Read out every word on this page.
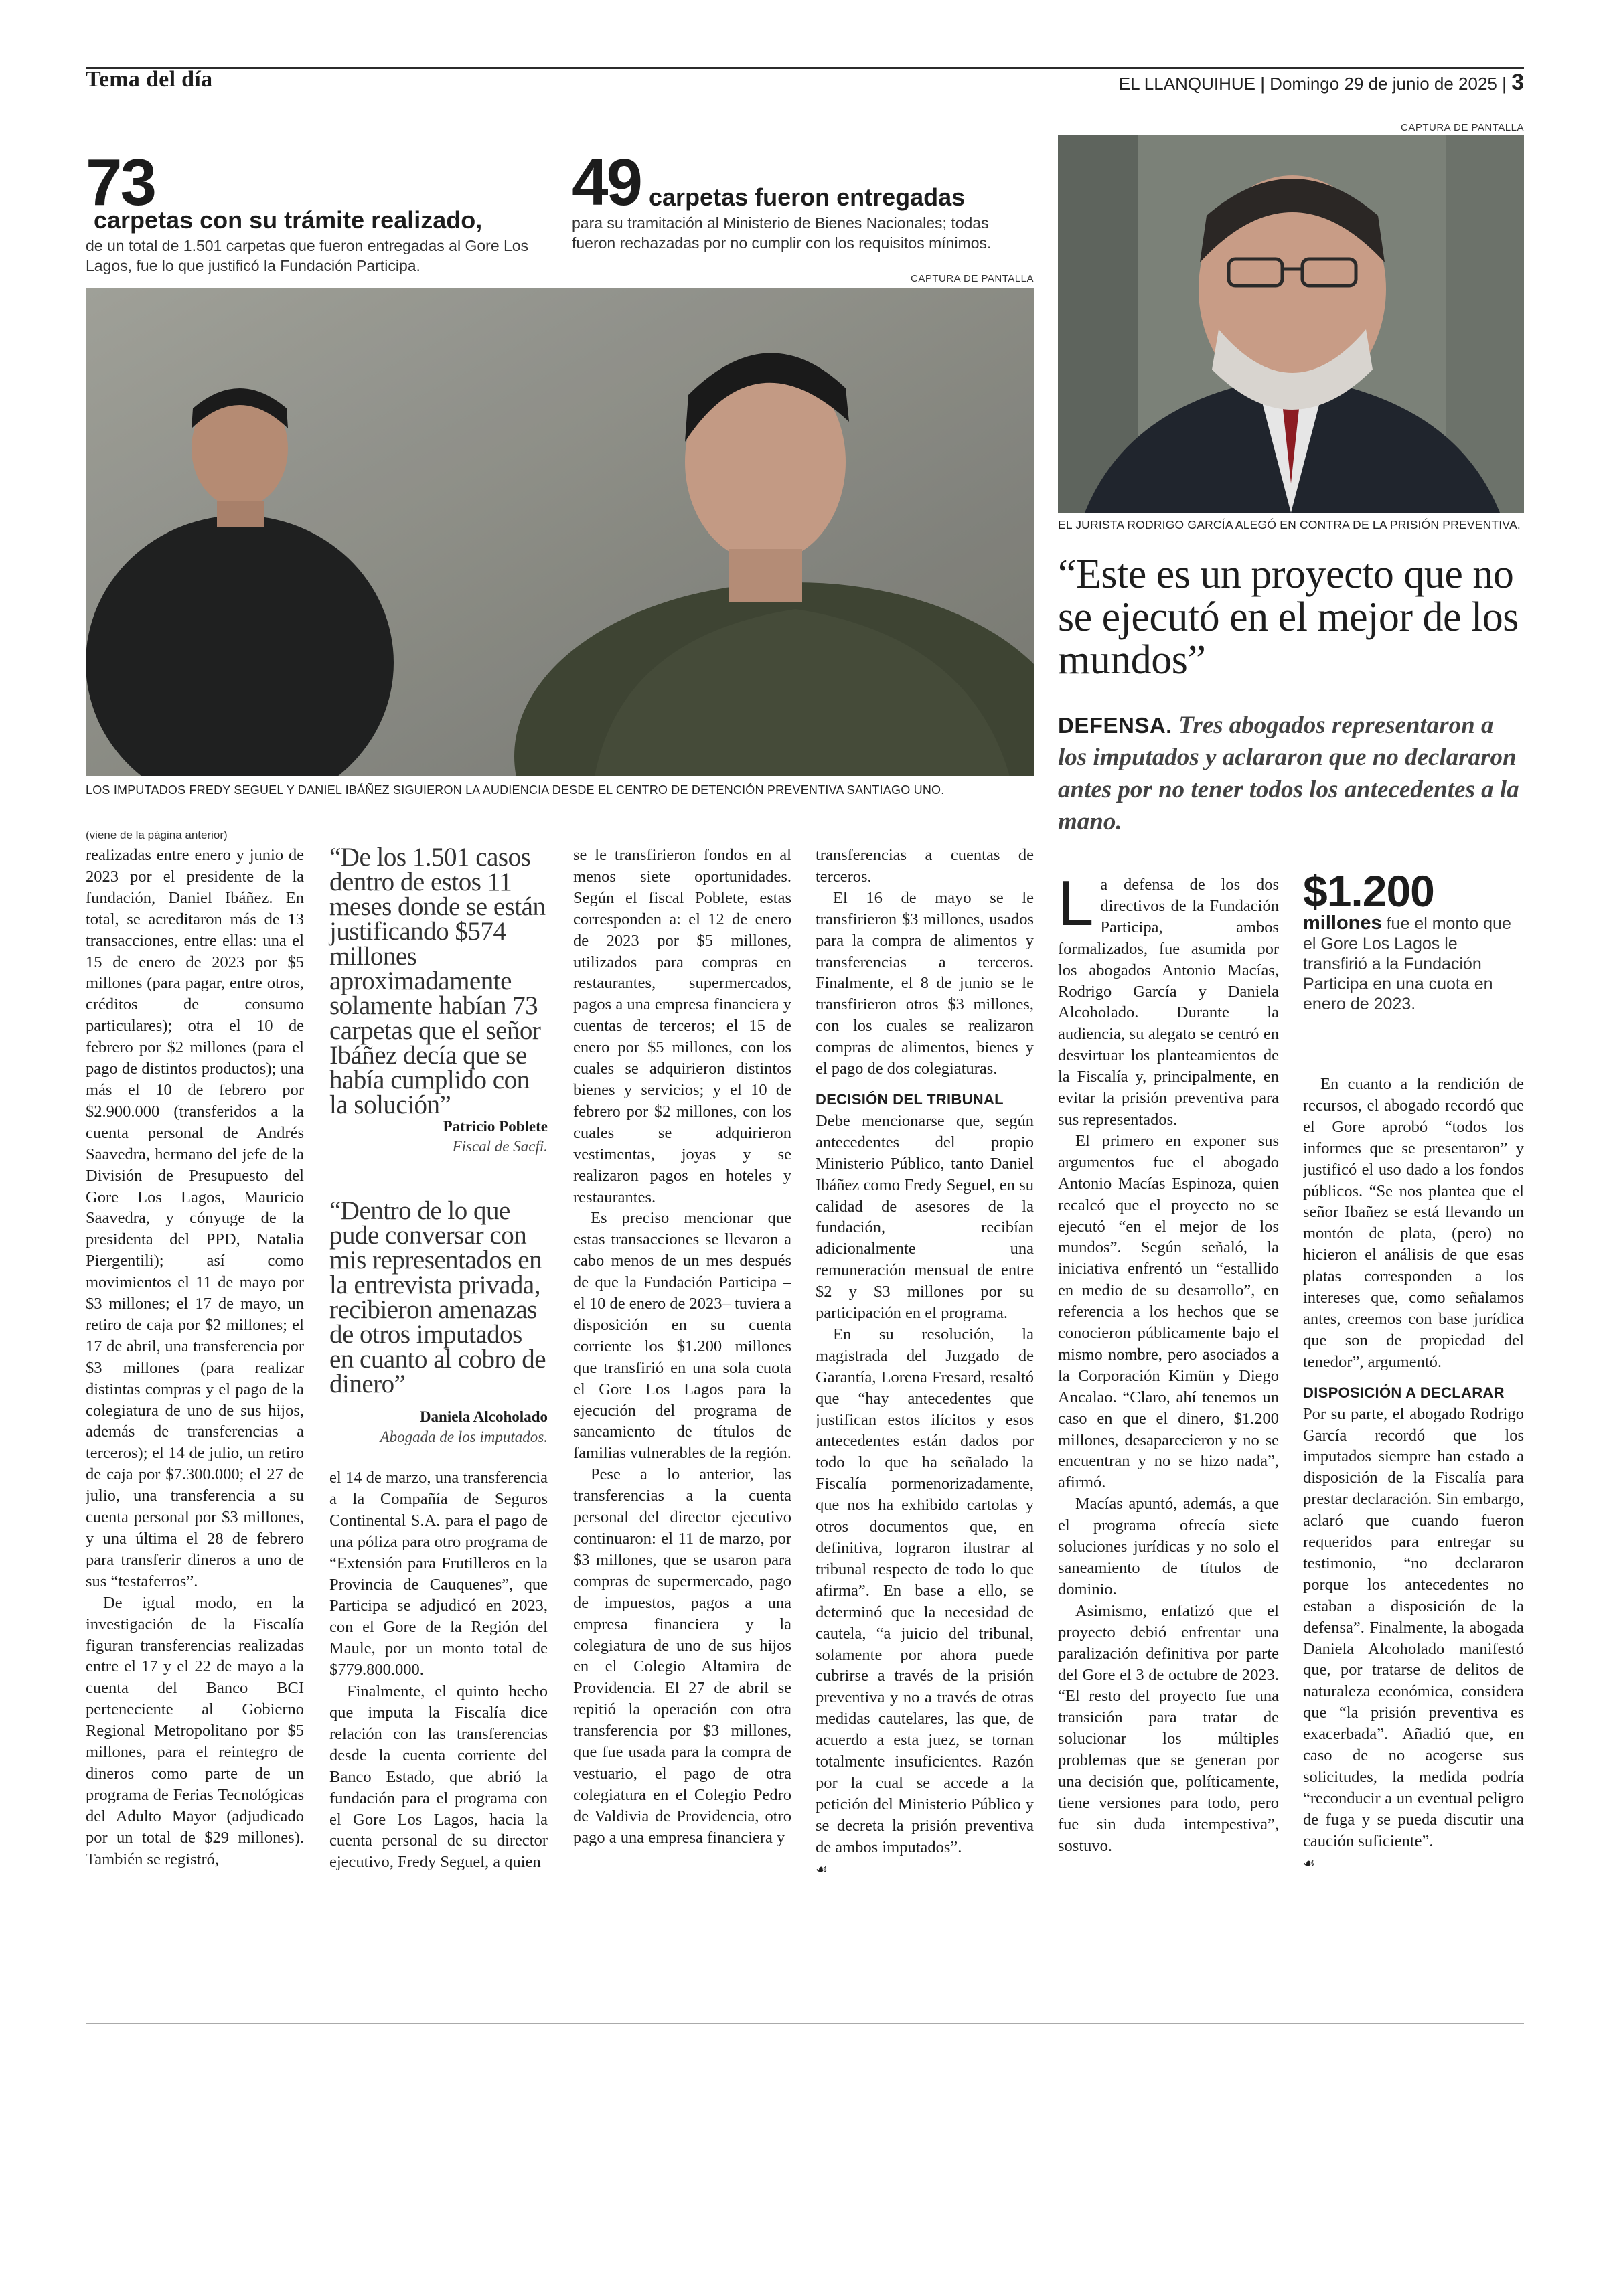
Tema del día	EL LLANQUIHUE | Domingo 29 de junio de 2025 | 3
73carpetas con su trámite realizado,
de un total de 1.501 carpetas que fueron entregadas al Gore Los Lagos, fue lo que justificó la Fundación Participa.
49 carpetas fueron entregadas
para su tramitación al Ministerio de Bienes Nacionales; todas fueron rechazadas por no cumplir con los requisitos mínimos.
CAPTURA DE PANTALLA
LOS IMPUTADOS FREDY SEGUEL Y DANIEL IBÁÑEZ SIGUIERON LA AUDIENCIA DESDE EL CENTRO DE DETENCIÓN PREVENTIVA SANTIAGO UNO.
CAPTURA DE PANTALLA
EL JURISTA RODRIGO GARCÍA ALEGÓ EN CONTRA DE LA PRISIÓN PREVENTIVA.
“Este es un proyecto que no se ejecutó en el mejor de los mundos”
DEFENSA. Tres abogados representaron a los imputados y aclararon que no declararon antes por no tener todos los antecedentes a la mano.
(viene de la página anterior)

realizadas entre enero y junio de 2023 por el presidente de la fundación, Daniel Ibáñez. En total, se acreditaron más de 13 transacciones, entre ellas: una el 15 de enero de 2023 por $5 millones (para pagar, entre otros, créditos de consumo particulares); otra el 10 de febrero por $2 millones (para el pago de distintos productos); una más el 10 de febrero por $2.900.000 (transferidos a la cuenta personal de Andrés Saavedra, hermano del jefe de la División de Presupuesto del Gore Los Lagos, Mauricio Saavedra, y cónyuge de la presidenta del PPD, Natalia Piergentili); así como movimientos el 11 de mayo por $3 millones; el 17 de mayo, un retiro de caja por $2 millones; el 17 de abril, una transferencia por $3 millones (para realizar distintas compras y el pago de la colegiatura de uno de sus hijos, además de transferencias a terceros); el 14 de julio, un retiro de caja por $7.300.000; el 27 de julio, una transferencia a su cuenta personal por $3 millones, y una última el 28 de febrero para transferir dineros a uno de sus “testaferros”.

De igual modo, en la investigación de la Fiscalía figuran transferencias realizadas entre el 17 y el 22 de mayo a la cuenta del Banco BCI perteneciente al Gobierno Regional Metropolitano por $5 millones, para el reintegro de dineros como parte de un programa de Ferias Tecnológicas del Adulto Mayor (adjudicado por un total de $29 millones). También se registró,

“De los 1.501 casos dentro de estos 11 meses donde se están justificando $574 millones aproximadamente solamente habían 73 carpetas que el señor Ibáñez decía que se había cumplido con la solución”
Patricio Poblete
Fiscal de Sacfi.
“Dentro de lo que pude conversar con mis representados en la entrevista privada, recibieron amenazas de otros imputados en cuanto al cobro de dinero”
Daniela Alcoholado
Abogada de los imputados.

el 14 de marzo, una transferencia a la Compañía de Seguros Continental S.A. para el pago de una póliza para otro programa de “Extensión para Frutilleros en la Provincia de Cauquenes”, que Participa se adjudicó en 2023, con el Gore de la Región del Maule, por un monto total de $779.800.000.

Finalmente, el quinto hecho que imputa la Fiscalía dice relación con las transferencias desde la cuenta corriente del Banco Estado, que abrió la fundación para el programa con el Gore Los Lagos, hacia la cuenta personal de su director ejecutivo, Fredy Seguel, a quien

se le transfirieron fondos en al menos siete oportunidades. Según el fiscal Poblete, estas corresponden a: el 12 de enero de 2023 por $5 millones, utilizados para compras en restaurantes, supermercados, pagos a una empresa financiera y cuentas de terceros; el 15 de enero por $5 millones, con los cuales se adquirieron distintos bienes y servicios; y el 10 de febrero por $2 millones, con los cuales se adquirieron vestimentas, joyas y se realizaron pagos en hoteles y restaurantes.

Es preciso mencionar que estas transacciones se llevaron a cabo menos de un mes después de que la Fundación Participa –el 10 de enero de 2023– tuviera a disposición en su cuenta corriente los $1.200 millones que transfirió en una sola cuota el Gore Los Lagos para la ejecución del programa de saneamiento de títulos de familias vulnerables de la región.

Pese a lo anterior, las transferencias a la cuenta personal del director ejecutivo continuaron: el 11 de marzo, por $3 millones, que se usaron para compras de supermercado, pago de impuestos, pagos a una empresa financiera y la colegiatura de uno de sus hijos en el Colegio Altamira de Providencia. El 27 de abril se repitió la operación con otra transferencia por $3 millones, que fue usada para la compra de vestuario, el pago de otra colegiatura en el Colegio Pedro de Valdivia de Providencia, otro pago a una empresa financiera y

transferencias a cuentas de terceros.

El 16 de mayo se le transfirieron $3 millones, usados para la compra de alimentos y transferencias a terceros. Finalmente, el 8 de junio se le transfirieron otros $3 millones, con los cuales se realizaron compras de alimentos, bienes y el pago de dos colegiaturas.

DECISIÓN DEL TRIBUNAL

Debe mencionarse que, según antecedentes del propio Ministerio Público, tanto Daniel Ibáñez como Fredy Seguel, en su calidad de asesores de la fundación, recibían adicionalmente una remuneración mensual de entre $2 y $3 millones por su participación en el programa.

En su resolución, la magistrada del Juzgado de Garantía, Lorena Fresard, resaltó que “hay antecedentes que justifican estos ilícitos y esos antecedentes están dados por todo lo que ha señalado la Fiscalía pormenorizadamente, que nos ha exhibido cartolas y otros documentos que, en definitiva, lograron ilustrar al tribunal respecto de todo lo que afirma”. En base a ello, se determinó que la necesidad de cautela, “a juicio del tribunal, solamente por ahora puede cubrirse a través de la prisión preventiva y no a través de otras medidas cautelares, las que, de acuerdo a esta juez, se tornan totalmente insuficientes. Razón por la cual se accede a la petición del Ministerio Público y se decreta la prisión preventiva de ambos imputados”.

☙
L a defensa de los dos directivos de la Fundación Participa, ambos formalizados, fue asumida por los abogados Antonio Macías, Rodrigo García y Daniela Alcoholado. Durante la audiencia, su alegato se centró en desvirtuar los planteamientos de la Fiscalía y, principalmente, en evitar la prisión preventiva para sus representados.

El primero en exponer sus argumentos fue el abogado Antonio Macías Espinoza, quien recalcó que el proyecto no se ejecutó “en el mejor de los mundos”. Según señaló, la iniciativa enfrentó un “estallido en medio de su desarrollo”, en referencia a los hechos que se conocieron públicamente bajo el mismo nombre, pero asociados a la Corporación Kimün y Diego Ancalao. “Claro, ahí tenemos un caso en que el dinero, $1.200 millones, desaparecieron y no se encuentran y no se hizo nada”, afirmó.

Macías apuntó, además, a que el programa ofrecía siete soluciones jurídicas y no solo el saneamiento de títulos de dominio.

Asimismo, enfatizó que el proyecto debió enfrentar una paralización definitiva por parte del Gore el 3 de octubre de 2023. “El resto del proyecto fue una transición para tratar de solucionar los múltiples problemas que se generan por una decisión que, políticamente, tiene versiones para todo, pero fue sin duda intempestiva”, sostuvo.

$1.200
millones fue el monto que el Gore Los Lagos le transfirió a la Fundación Participa en una cuota en enero de 2023.

En cuanto a la rendición de recursos, el abogado recordó que el Gore aprobó “todos los informes que se presentaron” y justificó el uso dado a los fondos públicos. “Se nos plantea que el señor Ibañez se está llevando un montón de plata, (pero) no hicieron el análisis de que esas platas corresponden a los intereses que, como señalamos antes, creemos con base jurídica que son de propiedad del tenedor”, argumentó.

DISPOSICIÓN A DECLARAR

Por su parte, el abogado Rodrigo García recordó que los imputados siempre han estado a disposición de la Fiscalía para prestar declaración. Sin embargo, aclaró que cuando fueron requeridos para entregar su testimonio, “no declararon porque los antecedentes no estaban a disposición de la defensa”. Finalmente, la abogada Daniela Alcoholado manifestó que, por tratarse de delitos de naturaleza económica, considera que “la prisión preventiva es exacerbada”. Añadió que, en caso de no acogerse sus solicitudes, la medida podría “reconducir a un eventual peligro de fuga y se pueda discutir una caución suficiente”.

☙
